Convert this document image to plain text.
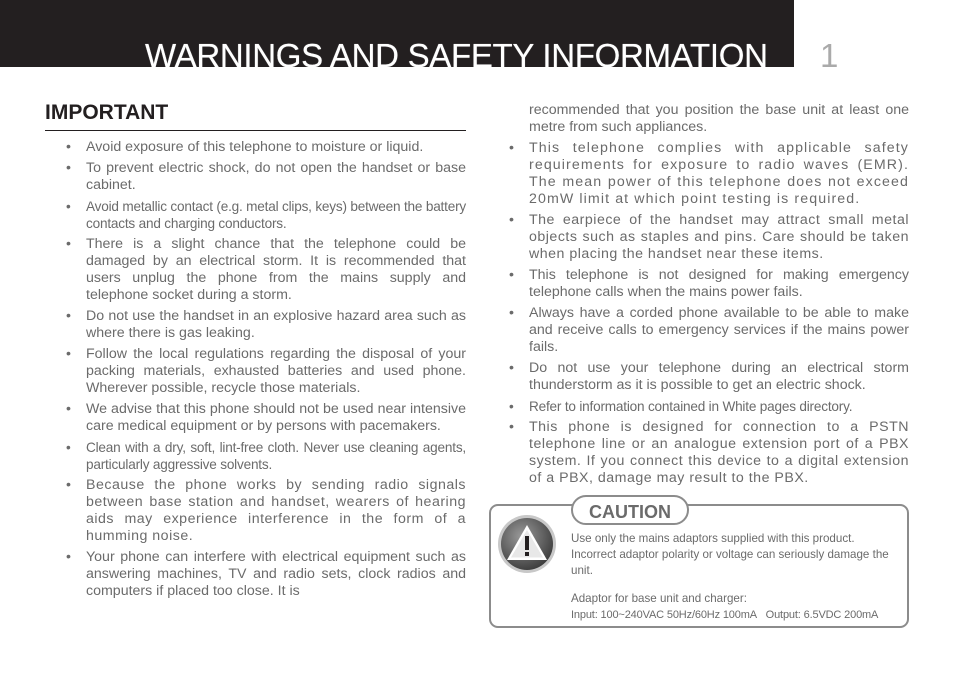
WARNINGS AND SAFETY INFORMATION 1
IMPORTANT
• Avoid exposure of this telephone to moisture or liquid.
• To prevent electric shock, do not open the handset or base cabinet.
• Avoid metallic contact (e.g. metal clips, keys) between the battery contacts and charging conductors.
• There is a slight chance that the telephone could be damaged by an electrical storm. It is recommended that users unplug the phone from the mains supply and telephone socket during a storm.
• Do not use the handset in an explosive hazard area such as where there is gas leaking.
• Follow the local regulations regarding the disposal of your packing materials, exhausted batteries and used phone. Wherever possible, recycle those materials.
• We advise that this phone should not be used near intensive care medical equipment or by persons with pacemakers.
• Clean with a dry, soft, lint-free cloth. Never use cleaning agents, particularly aggressive solvents.
• Because the phone works by sending radio signals between base station and handset, wearers of hearing aids may experience interference in the form of a humming noise.
• Your phone can interfere with electrical equipment such as answering machines, TV and radio sets, clock radios and computers if placed too close. It is
recommended that you position the base unit at least one metre from such appliances.
• This telephone complies with applicable safety requirements for exposure to radio waves (EMR). The mean power of this telephone does not exceed 20mW limit at which point testing is required.
• The earpiece of the handset may attract small metal objects such as staples and pins. Care should be taken when placing the handset near these items.
• This telephone is not designed for making emergency telephone calls when the mains power fails.
• Always have a corded phone available to be able to make and receive calls to emergency services if the mains power fails.
• Do not use your telephone during an electrical storm thunderstorm as it is possible to get an electric shock.
• Refer to information contained in White pages directory.
• This phone is designed for connection to a PSTN telephone line or an analogue extension port of a PBX system. If you connect this device to a digital extension of a PBX, damage may result to the PBX.
CAUTION

Use only the mains adaptors supplied with this product. Incorrect adaptor polarity or voltage can seriously damage the unit.

Adaptor for base unit and charger:

Input: 100~240VAC 50Hz/60Hz 100mA Output: 6.5VDC 200mA
